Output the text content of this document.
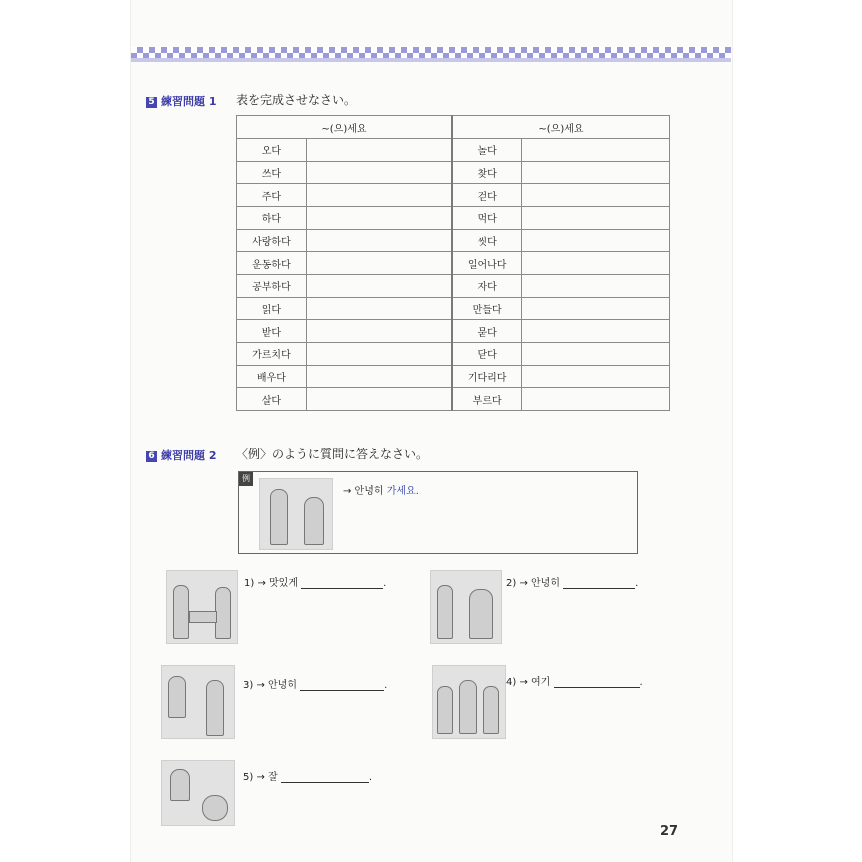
5 練習問題 1 表を完成させなさい。
~(으)세요		~(으)세요	
오다		놀다	
쓰다		찾다	
주다		걷다	
하다		먹다	
사랑하다		씻다	
운동하다		일어나다	
공부하다		자다	
읽다		만들다	
받다		묻다	
가르치다		닫다	
배우다		기다리다	
살다		부르다	
6 練習問題 2 〈例〉のように質問に答えなさい。
例
→ 안녕히 가세요.
1) → 맛있게	.	2) → 안녕히	.
3) → 안녕히	.	4) → 여기	.
5) → 잘	.
27
